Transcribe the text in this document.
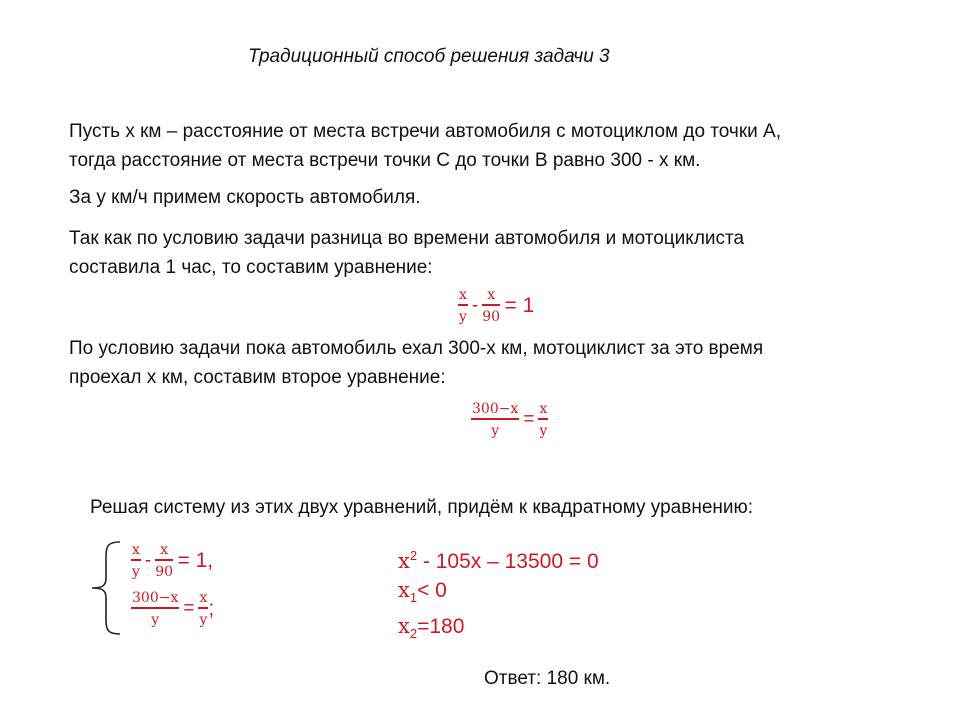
Традиционный способ решения задачи 3
Пусть x км – расстояние от места встречи автомобиля с мотоциклом до точки А,
тогда расстояние от места встречи точки С до точки В равно 300 - x км.
За y км/ч примем скорость автомобиля.
Так как по условию задачи разница во времени автомобиля и мотоциклиста
составила 1 час, то составим уравнение:
$\frac{x}{y} - \frac{x}{90} = 1$
По условию задачи пока автомобиль ехал 300-x км, мотоциклист за это время
проехал x км, составим второе уравнение:
$\frac{300-x}{y} = \frac{x}{y}$
Решая систему из этих двух уравнений, придём к квадратному уравнению:
$\frac{x}{y} - \frac{x}{90} = 1$,
$\frac{300-x}{y} = \frac{x}{y}$ ;
$x^2 - 105x - 13500 = 0$
$x_1< 0$
$x_2=180$
Ответ: 180 км.
